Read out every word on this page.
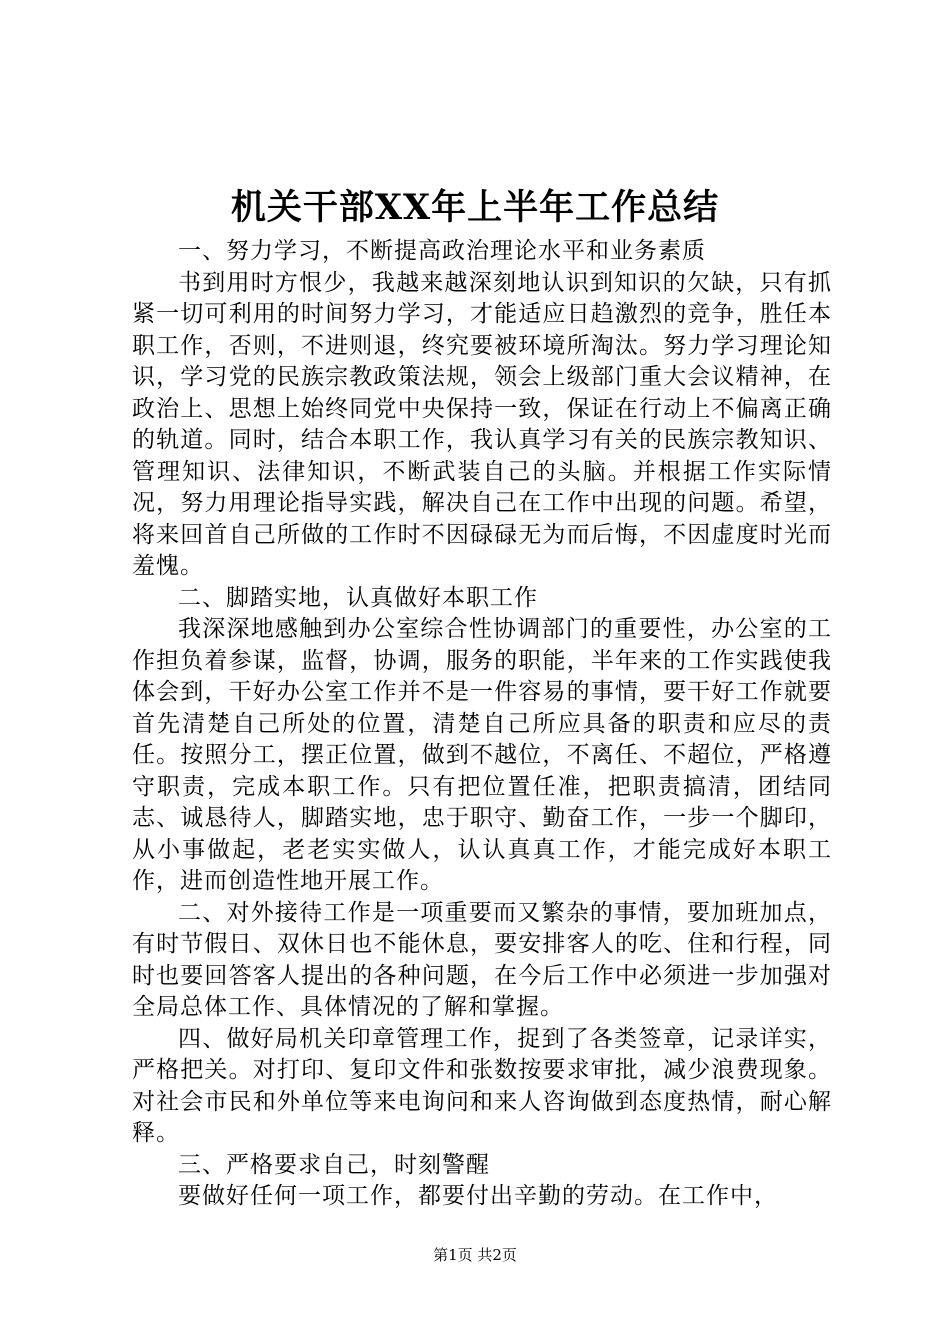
机关干部XX年上半年工作总结

一、努力学习，不断提高政治理论水平和业务素质

书到用时方恨少，我越来越深刻地认识到知识的欠缺，只有抓紧一切可利用的时间努力学习，才能适应日趋激烈的竞争，胜任本职工作，否则，不进则退，终究要被环境所淘汰。努力学习理论知识，学习党的民族宗教政策法规，领会上级部门重大会议精神，在政治上、思想上始终同党中央保持一致，保证在行动上不偏离正确的轨道。同时，结合本职工作，我认真学习有关的民族宗教知识、管理知识、法律知识，不断武装自己的头脑。并根据工作实际情况，努力用理论指导实践，解决自己在工作中出现的问题。希望，将来回首自己所做的工作时不因碌碌无为而后悔，不因虚度时光而羞愧。

二、脚踏实地，认真做好本职工作

我深深地感触到办公室综合性协调部门的重要性，办公室的工作担负着参谋，监督，协调，服务的职能，半年来的工作实践使我体会到，干好办公室工作并不是一件容易的事情，要干好工作就要首先清楚自己所处的位置，清楚自己所应具备的职责和应尽的责任。按照分工，摆正位置，做到不越位，不离任、不超位，严格遵守职责，完成本职工作。只有把位置任准，把职责搞清，团结同志、诚恳待人，脚踏实地，忠于职守、勤奋工作，一步一个脚印，从小事做起，老老实实做人，认认真真工作，才能完成好本职工作，进而创造性地开展工作。

二、对外接待工作是一项重要而又繁杂的事情，要加班加点，有时节假日、双休日也不能休息，要安排客人的吃、住和行程，同时也要回答客人提出的各种问题，在今后工作中必须进一步加强对全局总体工作、具体情况的了解和掌握。

四、做好局机关印章管理工作，捉到了各类签章，记录详实，严格把关。对打印、复印文件和张数按要求审批，减少浪费现象。对社会市民和外单位等来电询问和来人咨询做到态度热情，耐心解释。

三、严格要求自己，时刻警醒

要做好任何一项工作，都要付出辛勤的劳动。在工作中，

第1页 共2页
